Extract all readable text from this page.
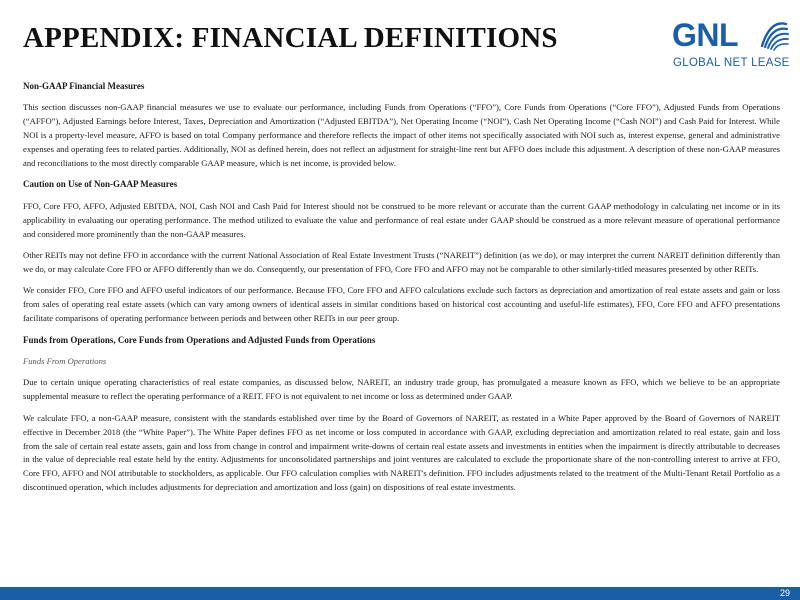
APPENDIX: FINANCIAL DEFINITIONS	GNL
GLOBAL NET LEASE

Non-GAAP Financial Measures

This section discusses non-GAAP financial measures we use to evaluate our performance, including Funds from Operations (“FFO”), Core Funds from Operations (“Core FFO”), Adjusted Funds from Operations (“AFFO”), Adjusted Earnings before Interest, Taxes, Depreciation and Amortization (“Adjusted EBITDA”), Net Operating Income (“NOI”), Cash Net Operating Income (“Cash NOI”) and Cash Paid for Interest. While NOI is a property-level measure, AFFO is based on total Company performance and therefore reflects the impact of other items not specifically associated with NOI such as, interest expense, general and administrative expenses and operating fees to related parties. Additionally, NOI as defined herein, does not reflect an adjustment for straight-line rent but AFFO does include this adjustment. A description of these non-GAAP measures and reconciliations to the most directly comparable GAAP measure, which is net income, is provided below.

Caution on Use of Non-GAAP Measures

FFO, Core FFO, AFFO, Adjusted EBITDA, NOI, Cash NOI and Cash Paid for Interest should not be construed to be more relevant or accurate than the current GAAP methodology in calculating net income or in its applicability in evaluating our operating performance. The method utilized to evaluate the value and performance of real estate under GAAP should be construed as a more relevant measure of operational performance and considered more prominently than the non-GAAP measures.

Other REITs may not define FFO in accordance with the current National Association of Real Estate Investment Trusts (“NAREIT”) definition (as we do), or may interpret the current NAREIT definition differently than we do, or may calculate Core FFO or AFFO differently than we do. Consequently, our presentation of FFO, Core FFO and AFFO may not be comparable to other similarly-titled measures presented by other REITs.

We consider FFO, Core FFO and AFFO useful indicators of our performance. Because FFO, Core FFO and AFFO calculations exclude such factors as depreciation and amortization of real estate assets and gain or loss from sales of operating real estate assets (which can vary among owners of identical assets in similar conditions based on historical cost accounting and useful-life estimates), FFO, Core FFO and AFFO presentations facilitate comparisons of operating performance between periods and between other REITs in our peer group.

Funds from Operations, Core Funds from Operations and Adjusted Funds from Operations

Funds From Operations

Due to certain unique operating characteristics of real estate companies, as discussed below, NAREIT, an industry trade group, has promulgated a measure known as FFO, which we believe to be an appropriate supplemental measure to reflect the operating performance of a REIT. FFO is not equivalent to net income or loss as determined under GAAP.

We calculate FFO, a non-GAAP measure, consistent with the standards established over time by the Board of Governors of NAREIT, as restated in a White Paper approved by the Board of Governors of NAREIT effective in December 2018 (the “White Paper”). The White Paper defines FFO as net income or loss computed in accordance with GAAP, excluding depreciation and amortization related to real estate, gain and loss from the sale of certain real estate assets, gain and loss from change in control and impairment write-downs of certain real estate assets and investments in entities when the impairment is directly attributable to decreases in the value of depreciable real estate held by the entity. Adjustments for unconsolidated partnerships and joint ventures are calculated to exclude the proportionate share of the non-controlling interest to arrive at FFO, Core FFO, AFFO and NOI attributable to stockholders, as applicable. Our FFO calculation complies with NAREIT's definition. FFO includes adjustments related to the treatment of the Multi-Tenant Retail Portfolio as a discontinued operation, which includes adjustments for depreciation and amortization and loss (gain) on dispositions of real estate investments.

29
